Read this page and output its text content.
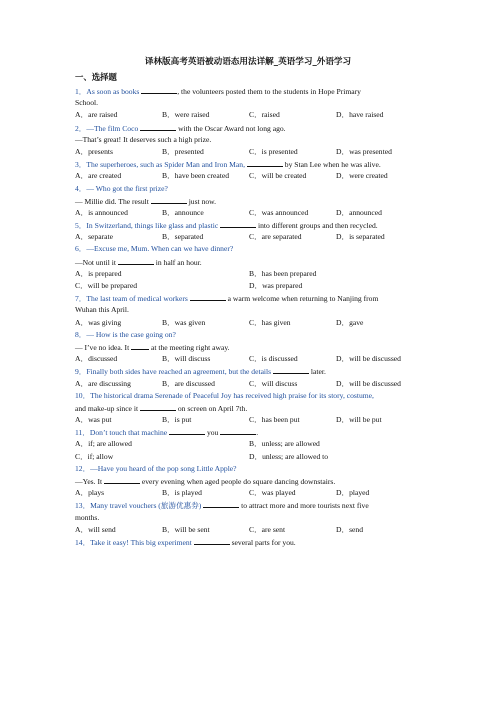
译林版高考英语被动语态用法详解_英语学习_外语学习
一、选择题
1．As soon as books	, the volunteers posted them to the students in Hope Primary
School.
A．are raised	B．were raised	C．raised	D．have raised
2．—The film Coco	with the Oscar Award not long ago.
—That’s great! It deserves such a high prize.
A．presents	B．presented	C．is presented	D．was presented
3．The superheroes, such as Spider Man and Iron Man,	by Stan Lee when he was alive.
A．are created	B．have been created	C．will be created	D．were created
4．— Who got the first prize?
— Millie did. The result	just now.
A．is announced	B．announce	C．was announced	D．announced
5．In Switzerland, things like glass and plastic	into different groups and then recycled.
A．separate	B．separated	C．are separated	D．is separated
6．—Excuse me, Mum. When can we have dinner?
—Not until it	in half an hour.
A．is prepared	B．has been prepared
C．will be prepared	D．was prepared
7．The last team of medical workers	a warm welcome when returning to Nanjing from
Wuhan this April.
A．was giving	B．was given	C．has given	D．gave
8．— How is the case going on?
— I’ve no idea. It  at the meeting right away.
A．discussed	B．will discuss	C．is discussed	D．will be discussed
9．Finally both sides have reached an agreement, but the details	later.
A．are discussing	B．are discussed	C．will discuss	D．will be discussed
10．The historical drama Serenade of Peaceful Joy has received high praise for its story, costume,
and make-up since it	on screen on April 7th.
A．was put	B．is put	C．has been put	D．will be put
11．Don’t touch that machine	you	.
A．if; are allowed	B．unless; are allowed
C．if; allow	D．unless; are allowed to
12．—Have you heard of the pop song Little Apple?
—Yes. It	every evening when aged people do square dancing downstairs.
A．plays	B．is played	C．was played	D．played
13．Many travel vouchers (旅游优惠券)	to attract more and more tourists next five
months.
A．will send	B．will be sent	C．are sent	D．send
14．Take it easy! This big experiment	several parts for you.
